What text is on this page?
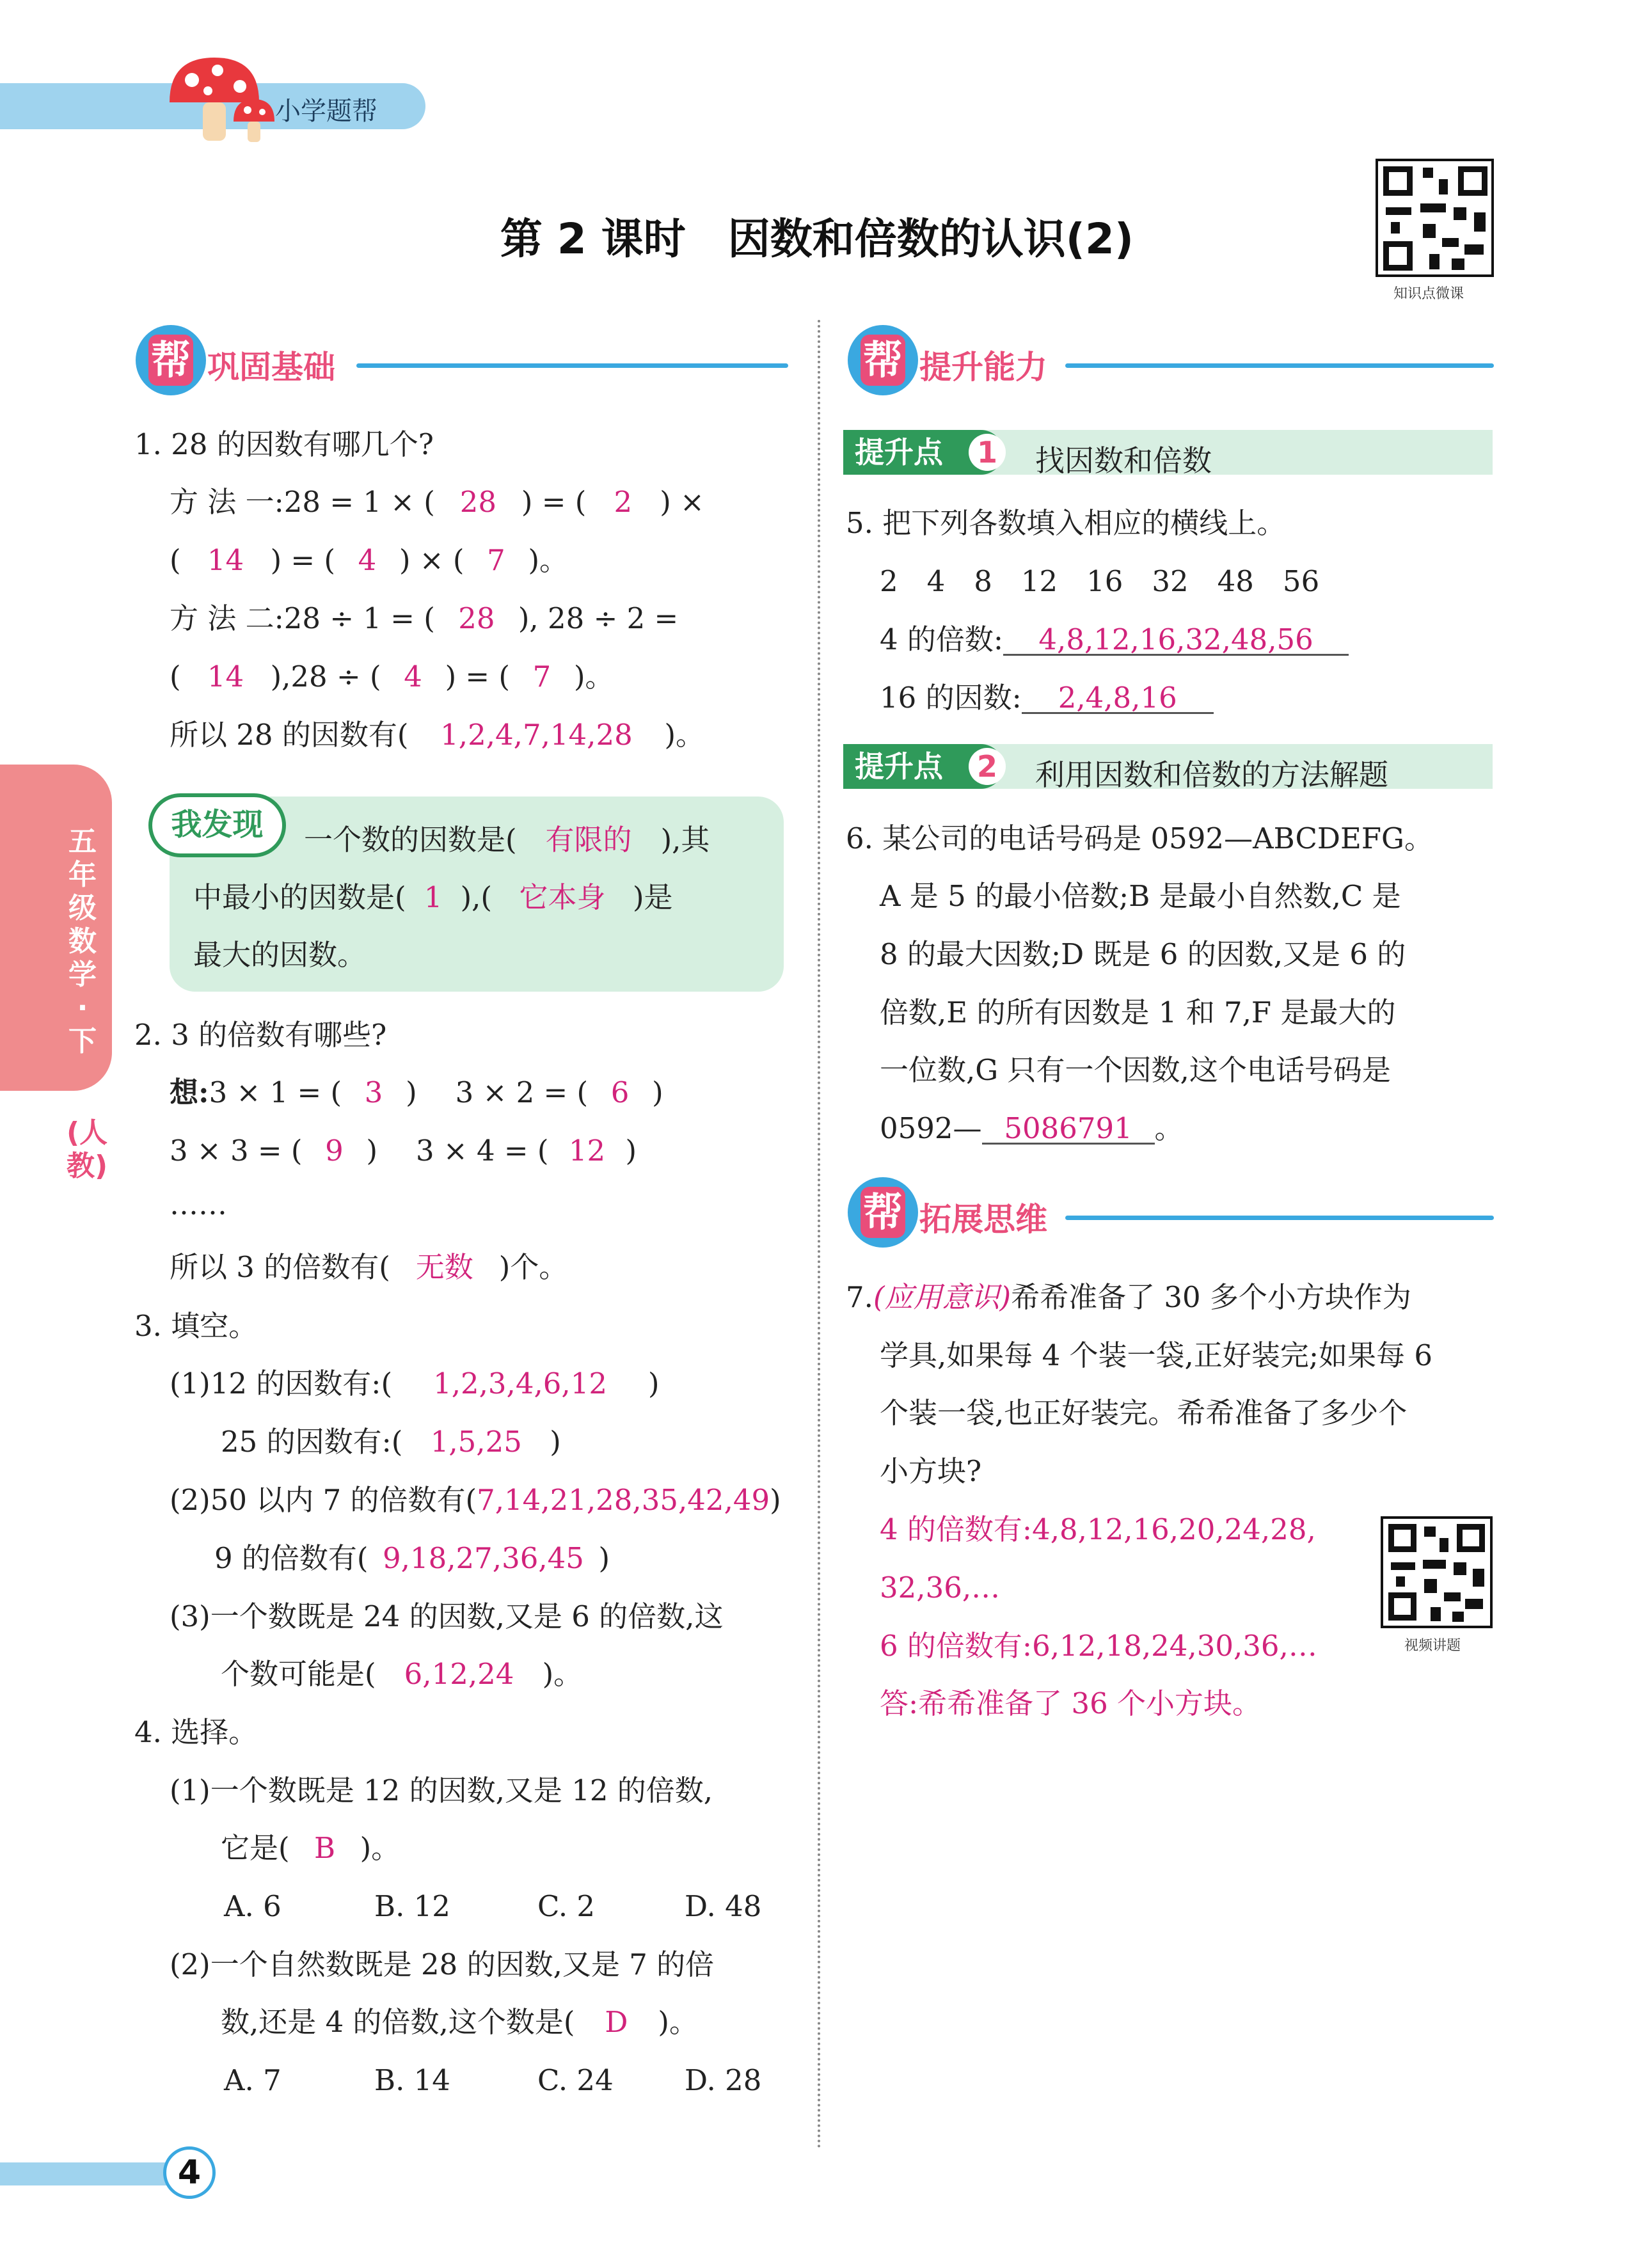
小学题帮
第 2 课时　因数和倍数的认识(2)
知识点微课
五年级数学·下
(人教)
帮 巩固基础
1. 28 的因数有哪几个?
方 法 一:28 = 1 × ( 28 ) = ( 2 ) ×
( 14 ) = ( 4 ) × ( 7 )。
方 法 二:28 ÷ 1 = ( 28 ), 28 ÷ 2 =
( 14 ),28 ÷ ( 4 ) = ( 7 )。
所以 28 的因数有( 1,2,4,7,14,28 )。
我发现	一个数的因数是( 有限的 ),其
中最小的因数是( 1 ),( 它本身 )是
最大的因数。
2. 3 的倍数有哪些?
想:3 × 1 = ( 3 ) 3 × 2 = ( 6 )
3 × 3 = ( 9 ) 3 × 4 = ( 12 )
……
所以 3 的倍数有( 无数 )个。
3. 填空。
(1)12 的因数有:( 1,2,3,4,6,12 )
25 的因数有:( 1,5,25 )
(2)50 以内 7 的倍数有(7,14,21,28,35,42,49)
9 的倍数有( 9,18,27,36,45 )
(3)一个数既是 24 的因数,又是 6 的倍数,这
个数可能是( 6,12,24 )。
4. 选择。
(1)一个数既是 12 的因数,又是 12 的倍数,
它是( B )。
A. 6	B. 12	C. 2	D. 48
(2)一个自然数既是 28 的因数,又是 7 的倍
数,还是 4 的倍数,这个数是( D )。
A. 7	B. 14	C. 24 D. 28
帮 提升能力
提升点	1 找因数和倍数
5. 把下列各数填入相应的横线上。
2　4　8　12　16　32　48　56
4 的倍数: 4,8,12,16,32,48,56
16 的因数: 2,4,8,16
提升点	2 利用因数和倍数的方法解题
6. 某公司的电话号码是 0592—ABCDEFG。
A 是 5 的最小倍数;B 是最小自然数,C 是
8 的最大因数;D 既是 6 的因数,又是 6 的
倍数,E 的所有因数是 1 和 7,F 是最大的
一位数,G 只有一个因数,这个电话号码是
0592— 5086791 。
帮 拓展思维
7.(应用意识)希希准备了 30 多个小方块作为
学具,如果每 4 个装一袋,正好装完;如果每 6
个装一袋,也正好装完。希希准备了多少个
小方块?
4 的倍数有:4,8,12,16,20,24,28,
32,36,…
6 的倍数有:6,12,18,24,30,36,…
答:希希准备了 36 个小方块。
视频讲题
4
